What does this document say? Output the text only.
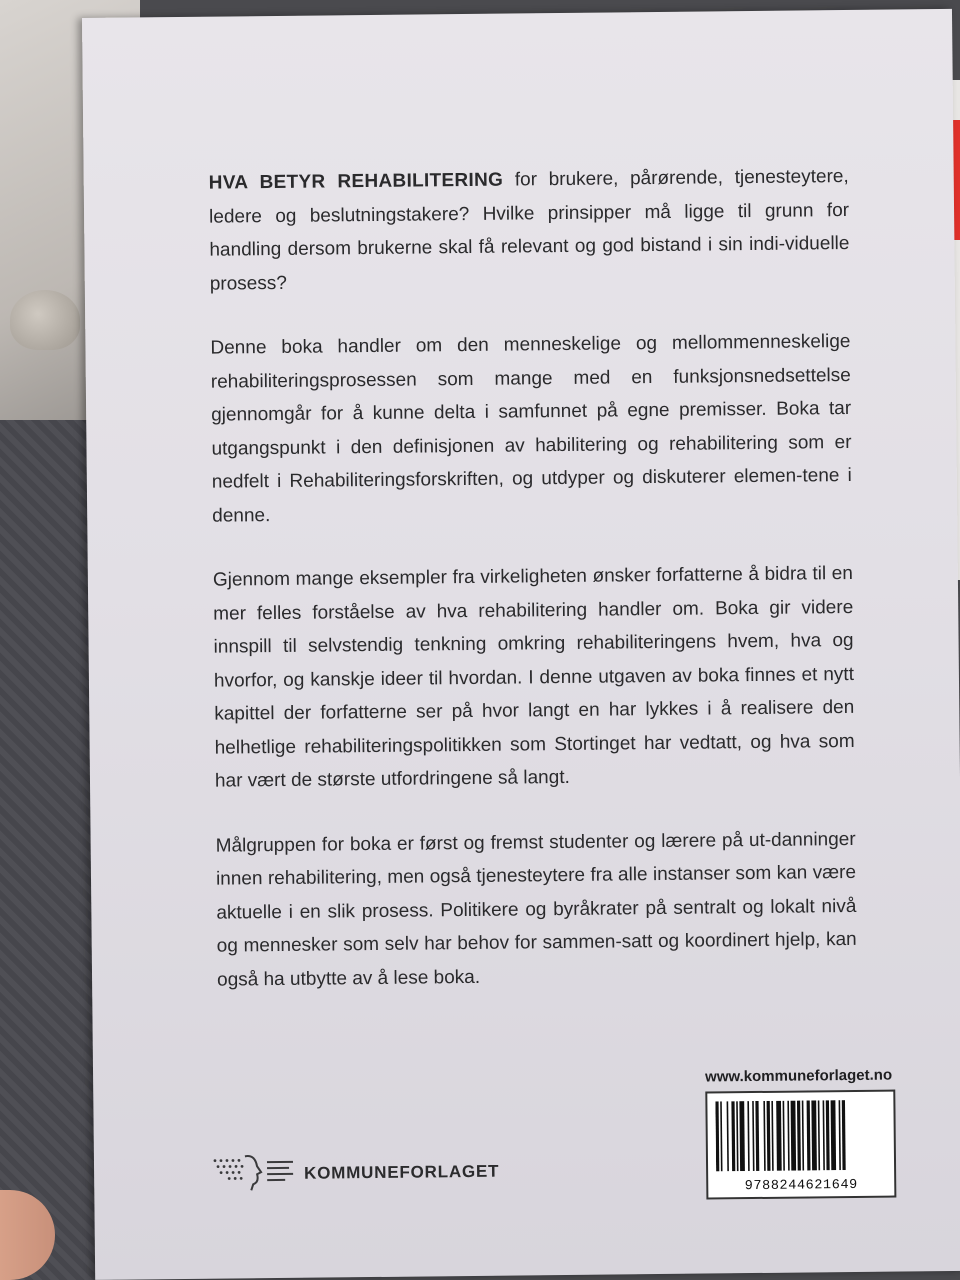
HVA BETYR REHABILITERING for brukere, pårørende, tjenesteytere, ledere og beslutningstakere? Hvilke prinsipper må ligge til grunn for handling dersom brukerne skal få relevant og god bistand i sin indi-viduelle prosess?

Denne boka handler om den menneskelige og mellommenneskelige rehabiliteringsprosessen som mange med en funksjonsnedsettelse gjennomgår for å kunne delta i samfunnet på egne premisser. Boka tar utgangspunkt i den definisjonen av habilitering og rehabilitering som er nedfelt i Rehabiliteringsforskriften, og utdyper og diskuterer elemen-tene i denne.

Gjennom mange eksempler fra virkeligheten ønsker forfatterne å bidra til en mer felles forståelse av hva rehabilitering handler om. Boka gir videre innspill til selvstendig tenkning omkring rehabiliteringens hvem, hva og hvorfor, og kanskje ideer til hvordan. I denne utgaven av boka finnes et nytt kapittel der forfatterne ser på hvor langt en har lykkes i å realisere den helhetlige rehabiliteringspolitikken som Stortinget har vedtatt, og hva som har vært de største utfordringene så langt.

Målgruppen for boka er først og fremst studenter og lærere på ut-danninger innen rehabilitering, men også tjenesteytere fra alle instanser som kan være aktuelle i en slik prosess. Politikere og byråkrater på sentralt og lokalt nivå og mennesker som selv har behov for sammen-satt og koordinert hjelp, kan også ha utbytte av å lese boka.

KOMMUNEFORLAGET
www.kommuneforlaget.no
9788244621649
